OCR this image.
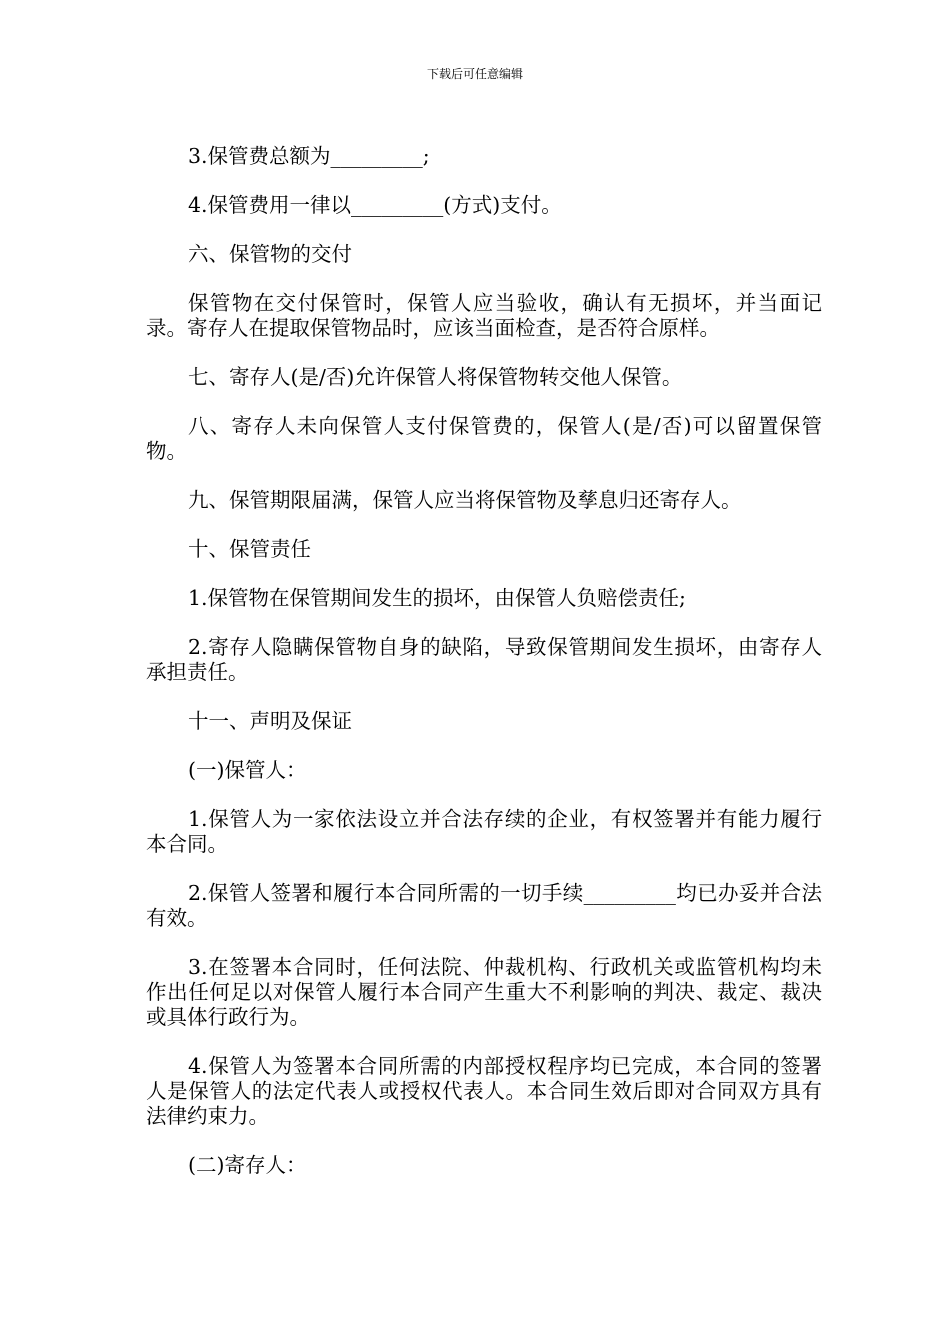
下载后可任意编辑

3.保管费总额为_________;

4.保管费用一律以_________(方式)支付。

六、保管物的交付

保管物在交付保管时，保管人应当验收，确认有无损坏，并当面记录。寄存人在提取保管物品时，应该当面检查，是否符合原样。

七、寄存人(是/否)允许保管人将保管物转交他人保管。

八、寄存人未向保管人支付保管费的，保管人(是/否)可以留置保管物。

九、保管期限届满，保管人应当将保管物及孳息归还寄存人。

十、保管责任

1.保管物在保管期间发生的损坏，由保管人负赔偿责任;

2.寄存人隐瞒保管物自身的缺陷，导致保管期间发生损坏，由寄存人承担责任。

十一、声明及保证

(一)保管人：

1.保管人为一家依法设立并合法存续的企业，有权签署并有能力履行本合同。

2.保管人签署和履行本合同所需的一切手续_________均已办妥并合法有效。

3.在签署本合同时，任何法院、仲裁机构、行政机关或监管机构均未作出任何足以对保管人履行本合同产生重大不利影响的判决、裁定、裁决或具体行政行为。

4.保管人为签署本合同所需的内部授权程序均已完成，本合同的签署人是保管人的法定代表人或授权代表人。本合同生效后即对合同双方具有法律约束力。

(二)寄存人：
